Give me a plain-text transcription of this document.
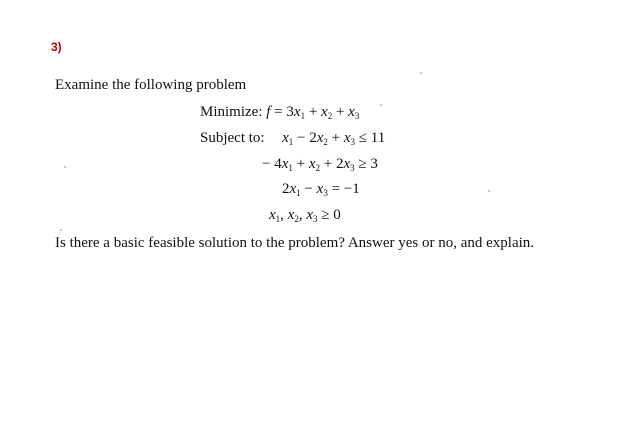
3)
Examine the following problem
Minimize: $f = 3x_1 + x_2 + x_3$
Subject to: $x_1 - 2x_2 + x_3 \le 11$
− $4x_1 + x_2 + 2x_3 \ge 3$
$2x_1 - x_3 = -1$
$x_1$, $x_2$, $x_3 \ge 0$
Is there a basic feasible solution to the problem? Answer yes or no, and explain.
